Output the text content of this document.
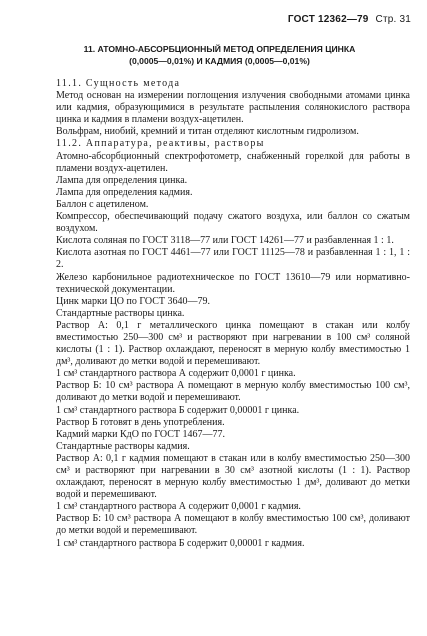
ГОСТ 12362—79 Стр. 31
11. АТОМНО-АБСОРБЦИОННЫЙ МЕТОД ОПРЕДЕЛЕНИЯ ЦИНКА
(0,0005—0,01%) И КАДМИЯ (0,0005—0,01%)

11.1. Сущность метода

Метод основан на измерении поглощения излучения свободными атомами цинка или кадмия, образующимися в результате распыления солянокислого раствора цинка и кадмия в пламени воздух-ацетилен.

Вольфрам, ниобий, кремний и титан отделяют кислотным гидролизом.

11.2. Аппаратура, реактивы, растворы

Атомно-абсорбционный спектрофотометр, снабженный горелкой для работы в пламени воздух-ацетилен.

Лампа для определения цинка.

Лампа для определения кадмия.

Баллон с ацетиленом.

Компрессор, обеспечивающий подачу сжатого воздуха, или баллон со сжатым воздухом.

Кислота соляная по ГОСТ 3118—77 или ГОСТ 14261—77 и разбавленная 1 : 1.

Кислота азотная по ГОСТ 4461—77 или ГОСТ 11125—78 и разбавленная 1 : 1, 1 : 2.

Железо карбонильное радиотехническое по ГОСТ 13610—79 или нормативно-технической документации.

Цинк марки ЦО по ГОСТ 3640—79.

Стандартные растворы цинка.

Раствор А: 0,1 г металлического цинка помещают в стакан или колбу вместимостью 250—300 см³ и растворяют при нагревании в 100 см³ соляной кислоты (1 : 1). Раствор охлаждают, переносят в мерную колбу вместимостью 1 дм³, доливают до метки водой и перемешивают.

1 см³ стандартного раствора А содержит 0,0001 г цинка.

Раствор Б: 10 см³ раствора А помещают в мерную колбу вместимостью 100 см³, доливают до метки водой и перемешивают.

1 см³ стандартного раствора Б содержит 0,00001 г цинка.

Раствор Б готовят в день употребления.

Кадмий марки КдО по ГОСТ 1467—77.

Стандартные растворы кадмия.

Раствор А: 0,1 г кадмия помещают в стакан или в колбу вместимостью 250—300 см³ и растворяют при нагревании в 30 см³ азотной кислоты (1 : 1). Раствор охлаждают, переносят в мерную колбу вместимостью 1 дм³, доливают до метки водой и перемешивают.

1 см³ стандартного раствора А содержит 0,0001 г кадмия.

Раствор Б: 10 см³ раствора А помещают в колбу вместимостью 100 см³, доливают до метки водой и перемешивают.

1 см³ стандартного раствора Б содержит 0,00001 г кадмия.
